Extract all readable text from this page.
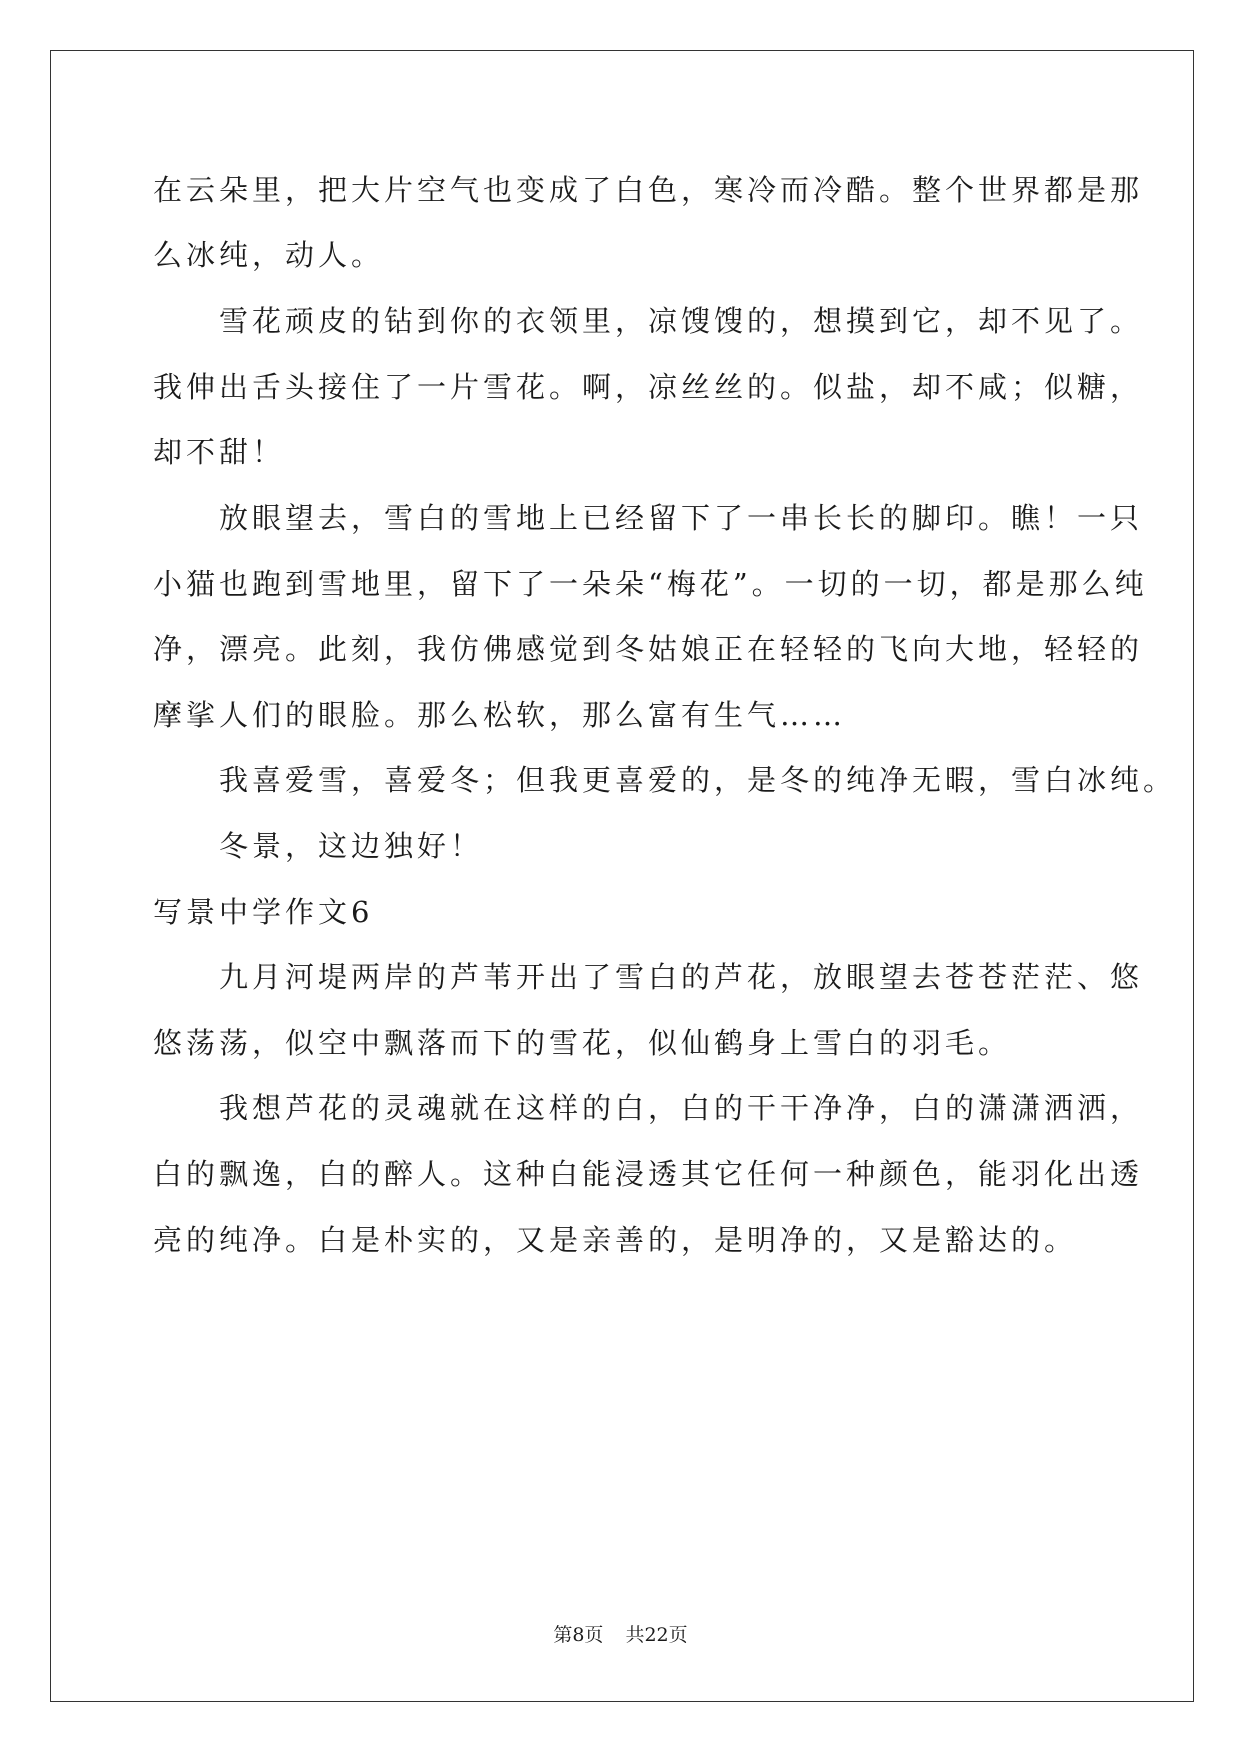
在云朵里，把大片空气也变成了白色，寒冷而冷酷。整个世界都是那

么冰纯，动人。

　　雪花顽皮的钻到你的衣领里，凉馊馊的，想摸到它，却不见了。

我伸出舌头接住了一片雪花。啊，凉丝丝的。似盐，却不咸；似糖，

却不甜！

　　放眼望去，雪白的雪地上已经留下了一串长长的脚印。瞧！一只

小猫也跑到雪地里，留下了一朵朵“梅花”。一切的一切，都是那么纯

净，漂亮。此刻，我仿佛感觉到冬姑娘正在轻轻的飞向大地，轻轻的

摩挲人们的眼脸。那么松软，那么富有生气……

　　我喜爱雪，喜爱冬；但我更喜爱的，是冬的纯净无暇，雪白冰纯。

　　冬景，这边独好！

写景中学作文6

　　九月河堤两岸的芦苇开出了雪白的芦花，放眼望去苍苍茫茫、悠

悠荡荡，似空中飘落而下的雪花，似仙鹤身上雪白的羽毛。

　　我想芦花的灵魂就在这样的白，白的干干净净，白的潇潇洒洒，

白的飘逸，白的醉人。这种白能浸透其它任何一种颜色，能羽化出透

亮的纯净。白是朴实的，又是亲善的，是明净的，又是豁达的。

第8页 共22页
